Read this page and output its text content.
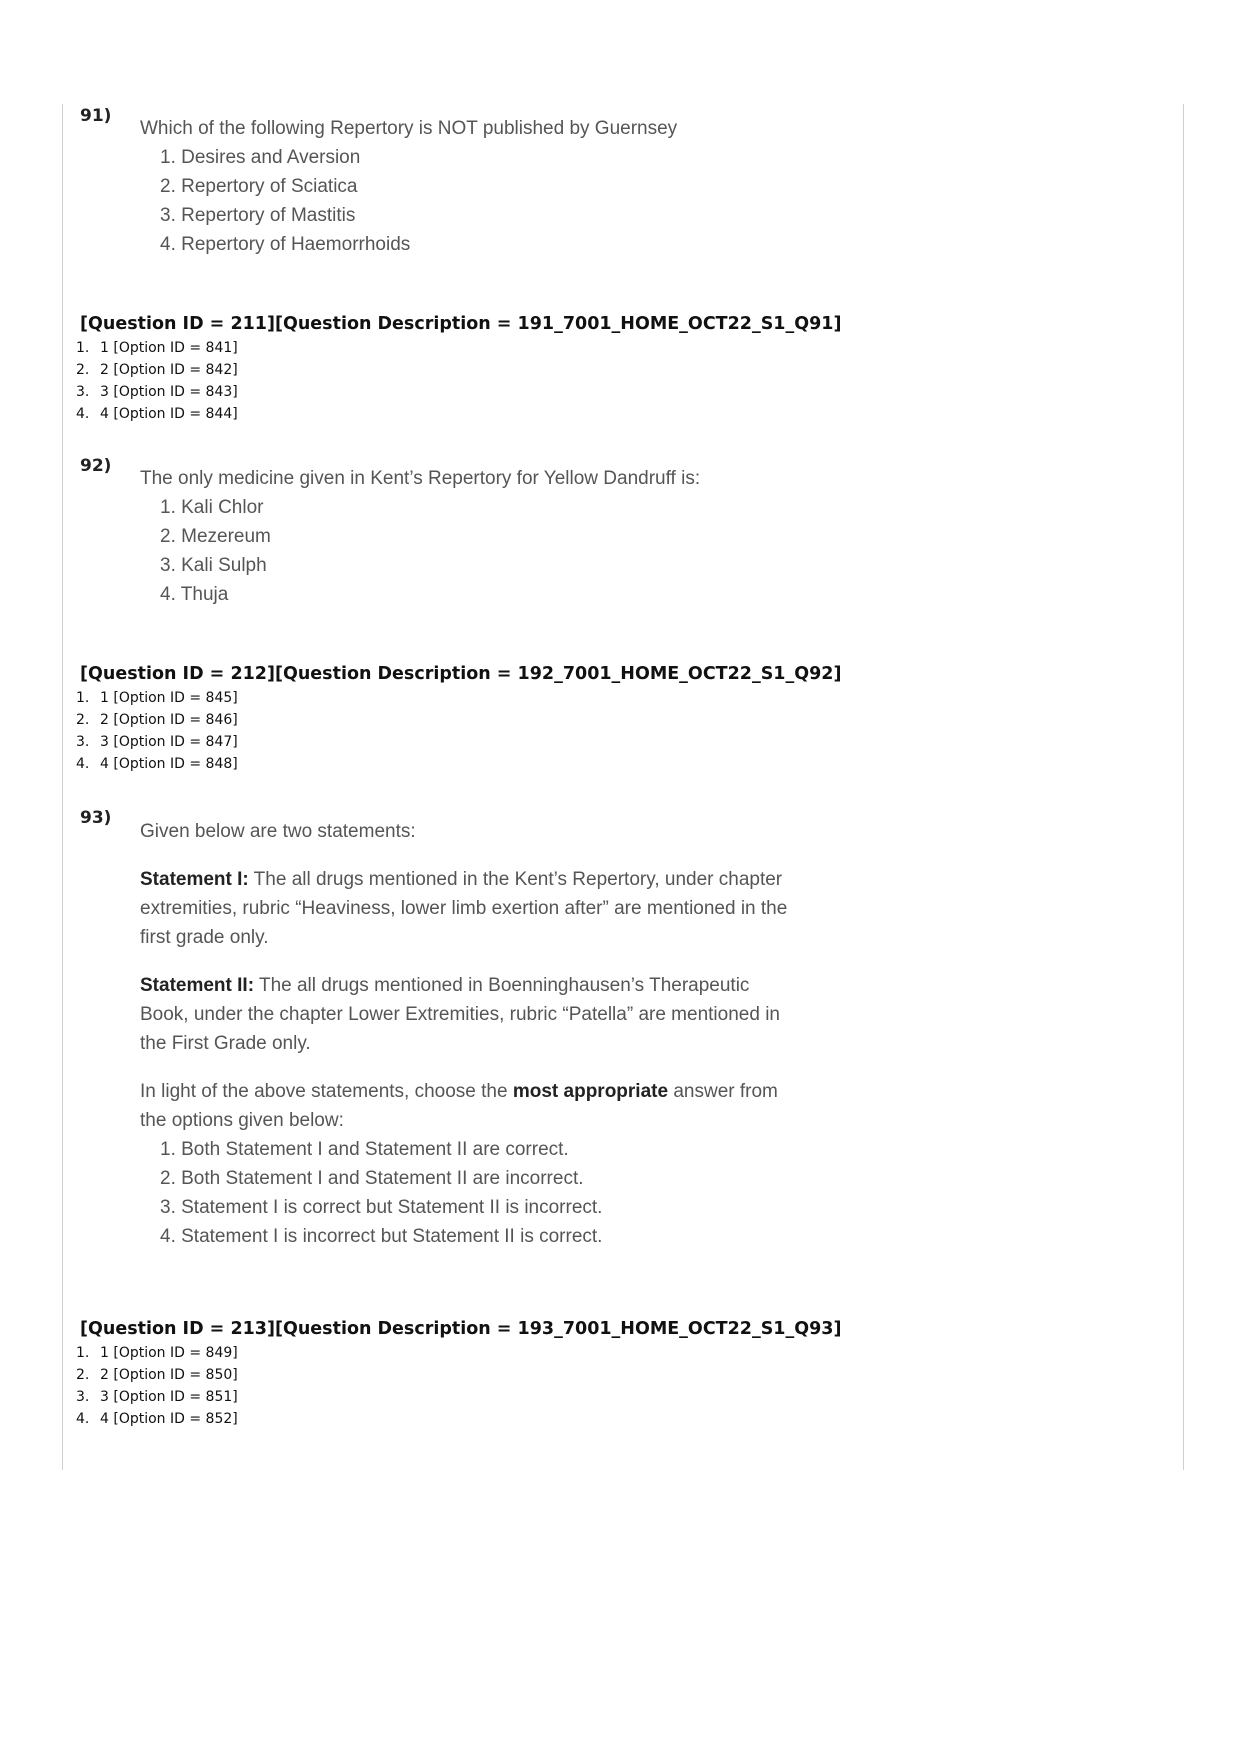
91)

Which of the following Repertory is NOT published by Guernsey

1. Desires and Aversion
2. Repertory of Sciatica
3. Repertory of Mastitis
4. Repertory of Haemorrhoids
[Question ID = 211][Question Description = 191_7001_HOME_OCT22_S1_Q91]
1. 1 [Option ID = 841]
2. 2 [Option ID = 842]
3. 3 [Option ID = 843]
4. 4 [Option ID = 844]
92)

The only medicine given in Kent’s Repertory for Yellow Dandruff is:

1. Kali Chlor
2. Mezereum
3. Kali Sulph
4. Thuja
[Question ID = 212][Question Description = 192_7001_HOME_OCT22_S1_Q92]
1. 1 [Option ID = 845]
2. 2 [Option ID = 846]
3. 3 [Option ID = 847]
4. 4 [Option ID = 848]
93)

Given below are two statements:

Statement I: The all drugs mentioned in the Kent’s Repertory, under chapter extremities, rubric “Heaviness, lower limb exertion after” are mentioned in the first grade only.

Statement II: The all drugs mentioned in Boenninghausen’s Therapeutic Book, under the chapter Lower Extremities, rubric “Patella” are mentioned in the First Grade only.

In light of the above statements, choose the most appropriate answer from the options given below:

1. Both Statement I and Statement II are correct.
2. Both Statement I and Statement II are incorrect.
3. Statement I is correct but Statement II is incorrect.
4. Statement I is incorrect but Statement II is correct.
[Question ID = 213][Question Description = 193_7001_HOME_OCT22_S1_Q93]
1. 1 [Option ID = 849]
2. 2 [Option ID = 850]
3. 3 [Option ID = 851]
4. 4 [Option ID = 852]
